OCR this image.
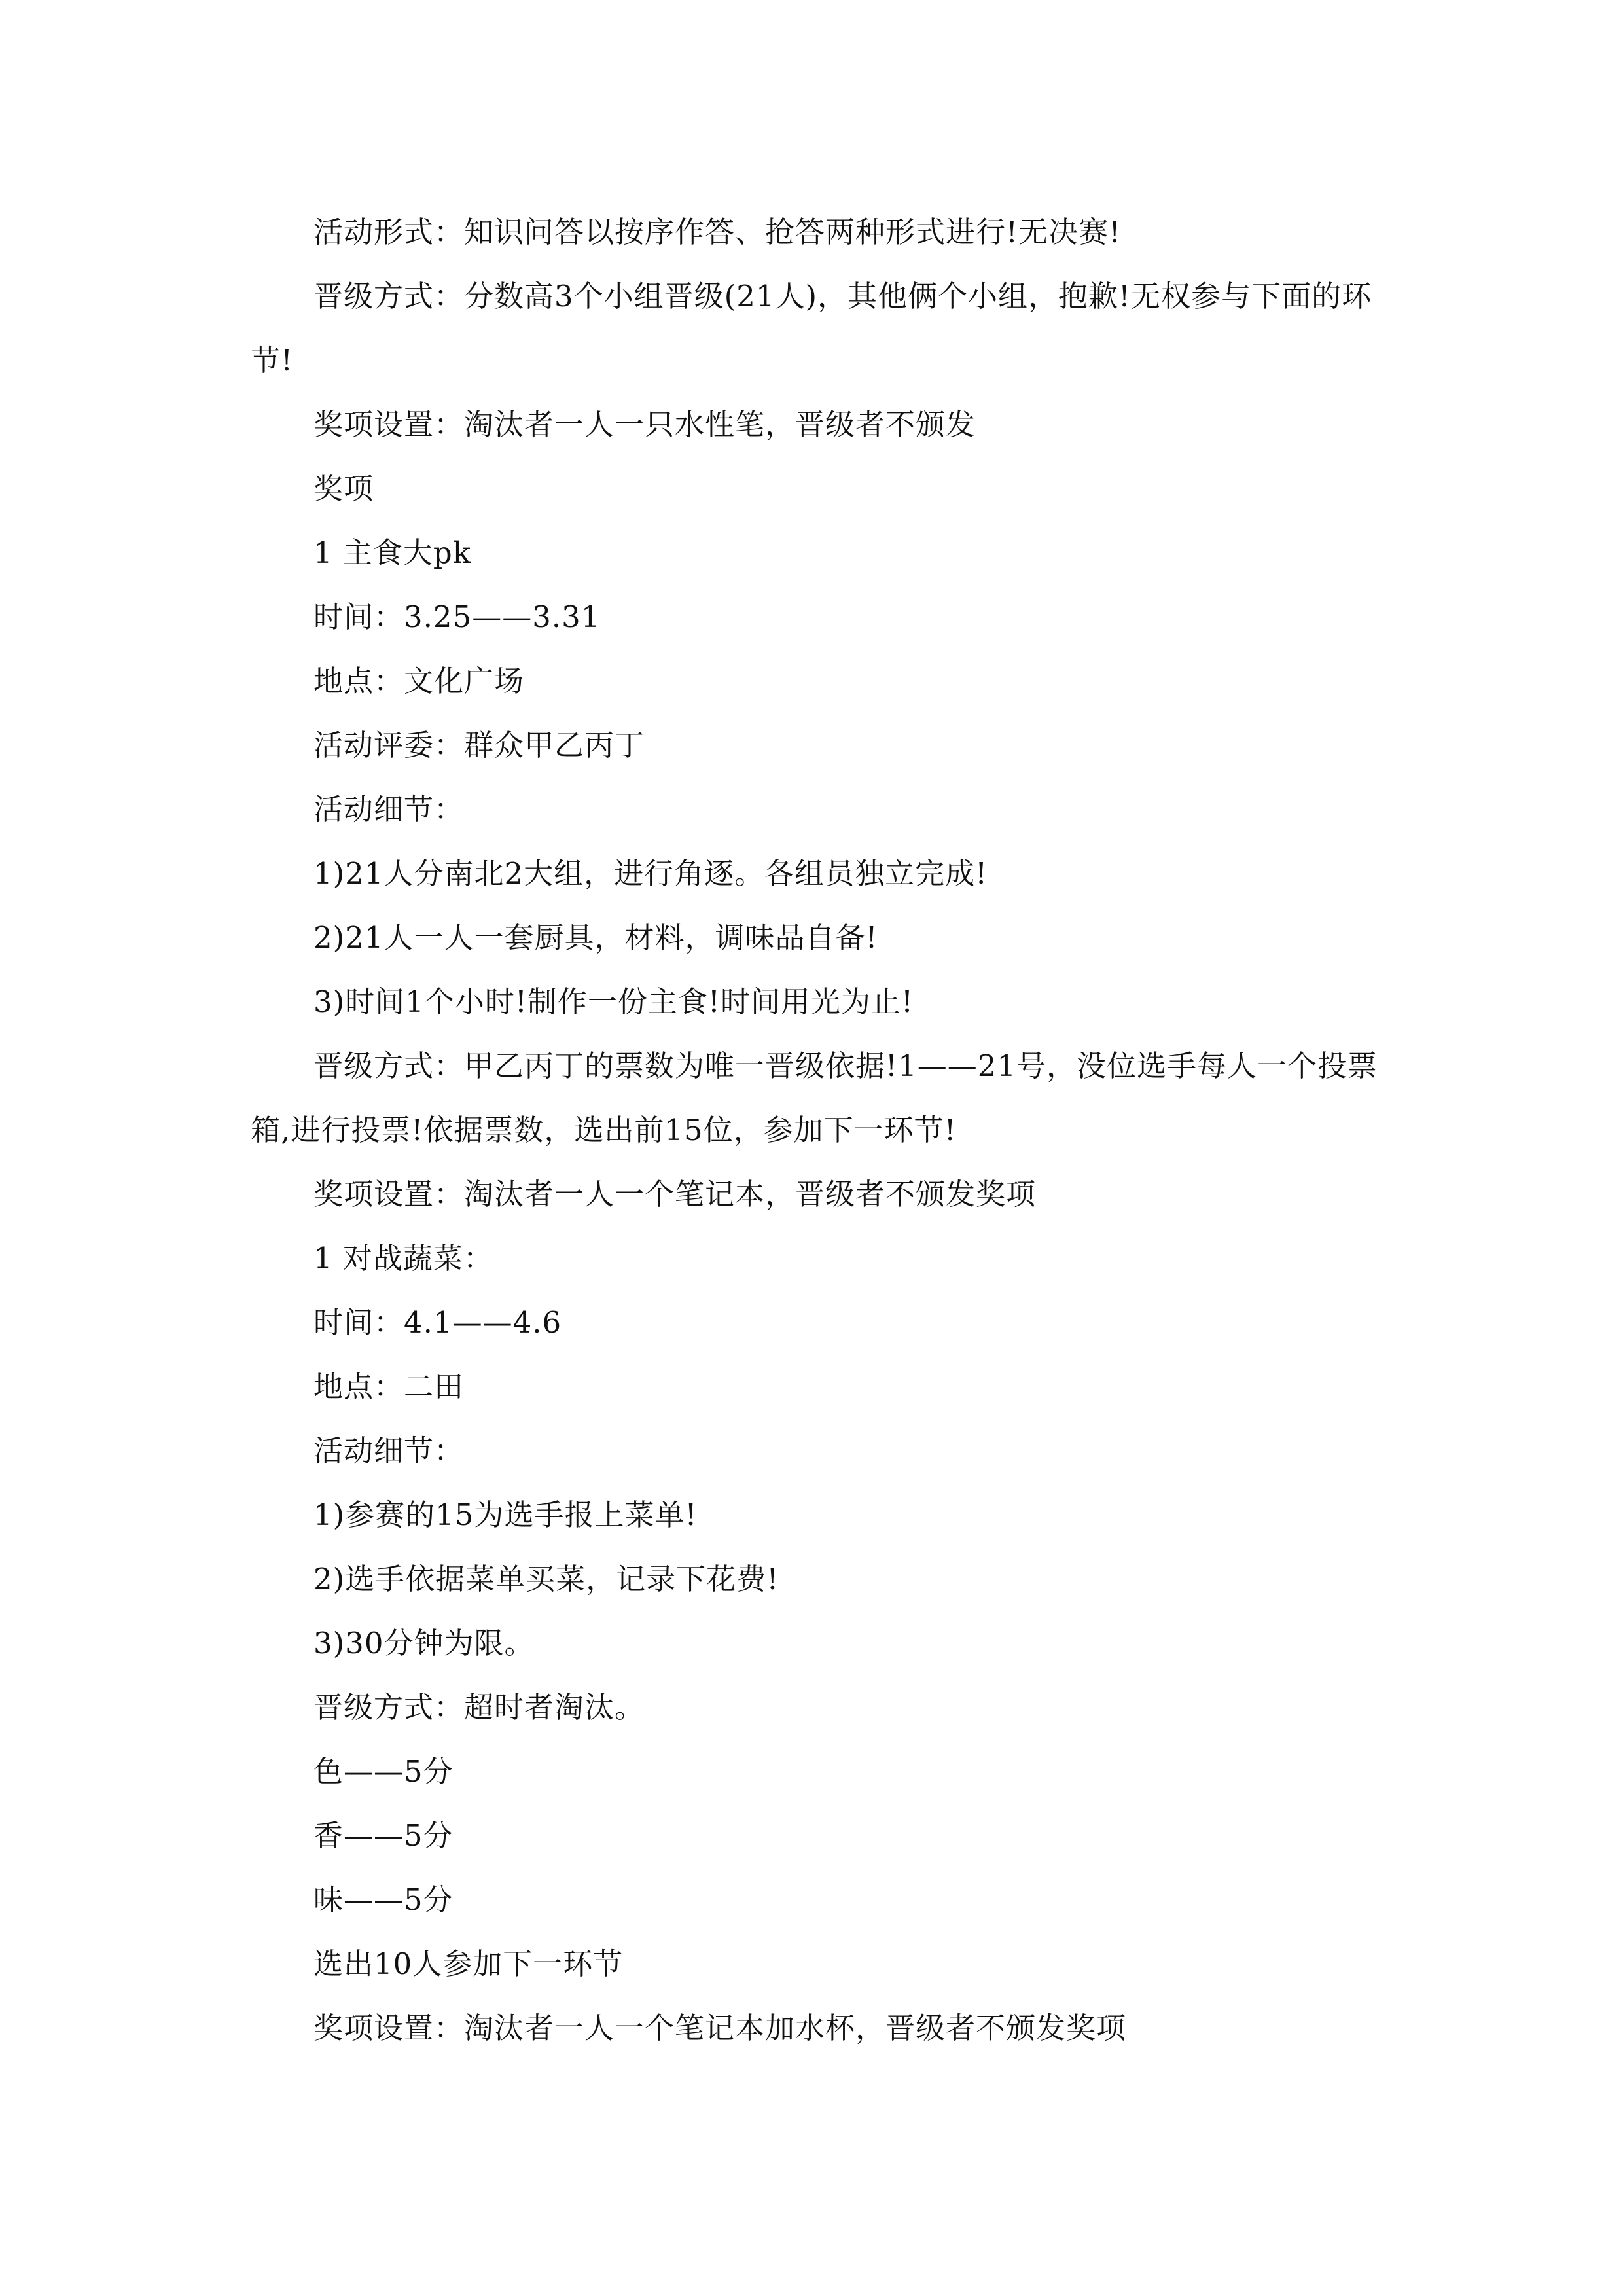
活动形式：知识问答以按序作答、抢答两种形式进行!无决赛!

晋级方式：分数高3个小组晋级(21人)，其他俩个小组，抱歉!无权参与下面的环节!

奖项设置：淘汰者一人一只水性笔，晋级者不颁发

奖项

1 主食大pk

时间：3.25——3.31

地点：文化广场

活动评委：群众甲乙丙丁

活动细节：

1)21人分南北2大组，进行角逐。各组员独立完成!

2)21人一人一套厨具，材料，调味品自备!

3)时间1个小时!制作一份主食!时间用光为止!

晋级方式：甲乙丙丁的票数为唯一晋级依据!1——21号，没位选手每人一个投票箱,进行投票!依据票数，选出前15位，参加下一环节!

奖项设置：淘汰者一人一个笔记本，晋级者不颁发奖项

1 对战蔬菜：

时间：4.1——4.6

地点：二田

活动细节：

1)参赛的15为选手报上菜单!

2)选手依据菜单买菜，记录下花费!

3)30分钟为限。

晋级方式：超时者淘汰。

色——5分

香——5分

味——5分

选出10人参加下一环节

奖项设置：淘汰者一人一个笔记本加水杯，晋级者不颁发奖项
